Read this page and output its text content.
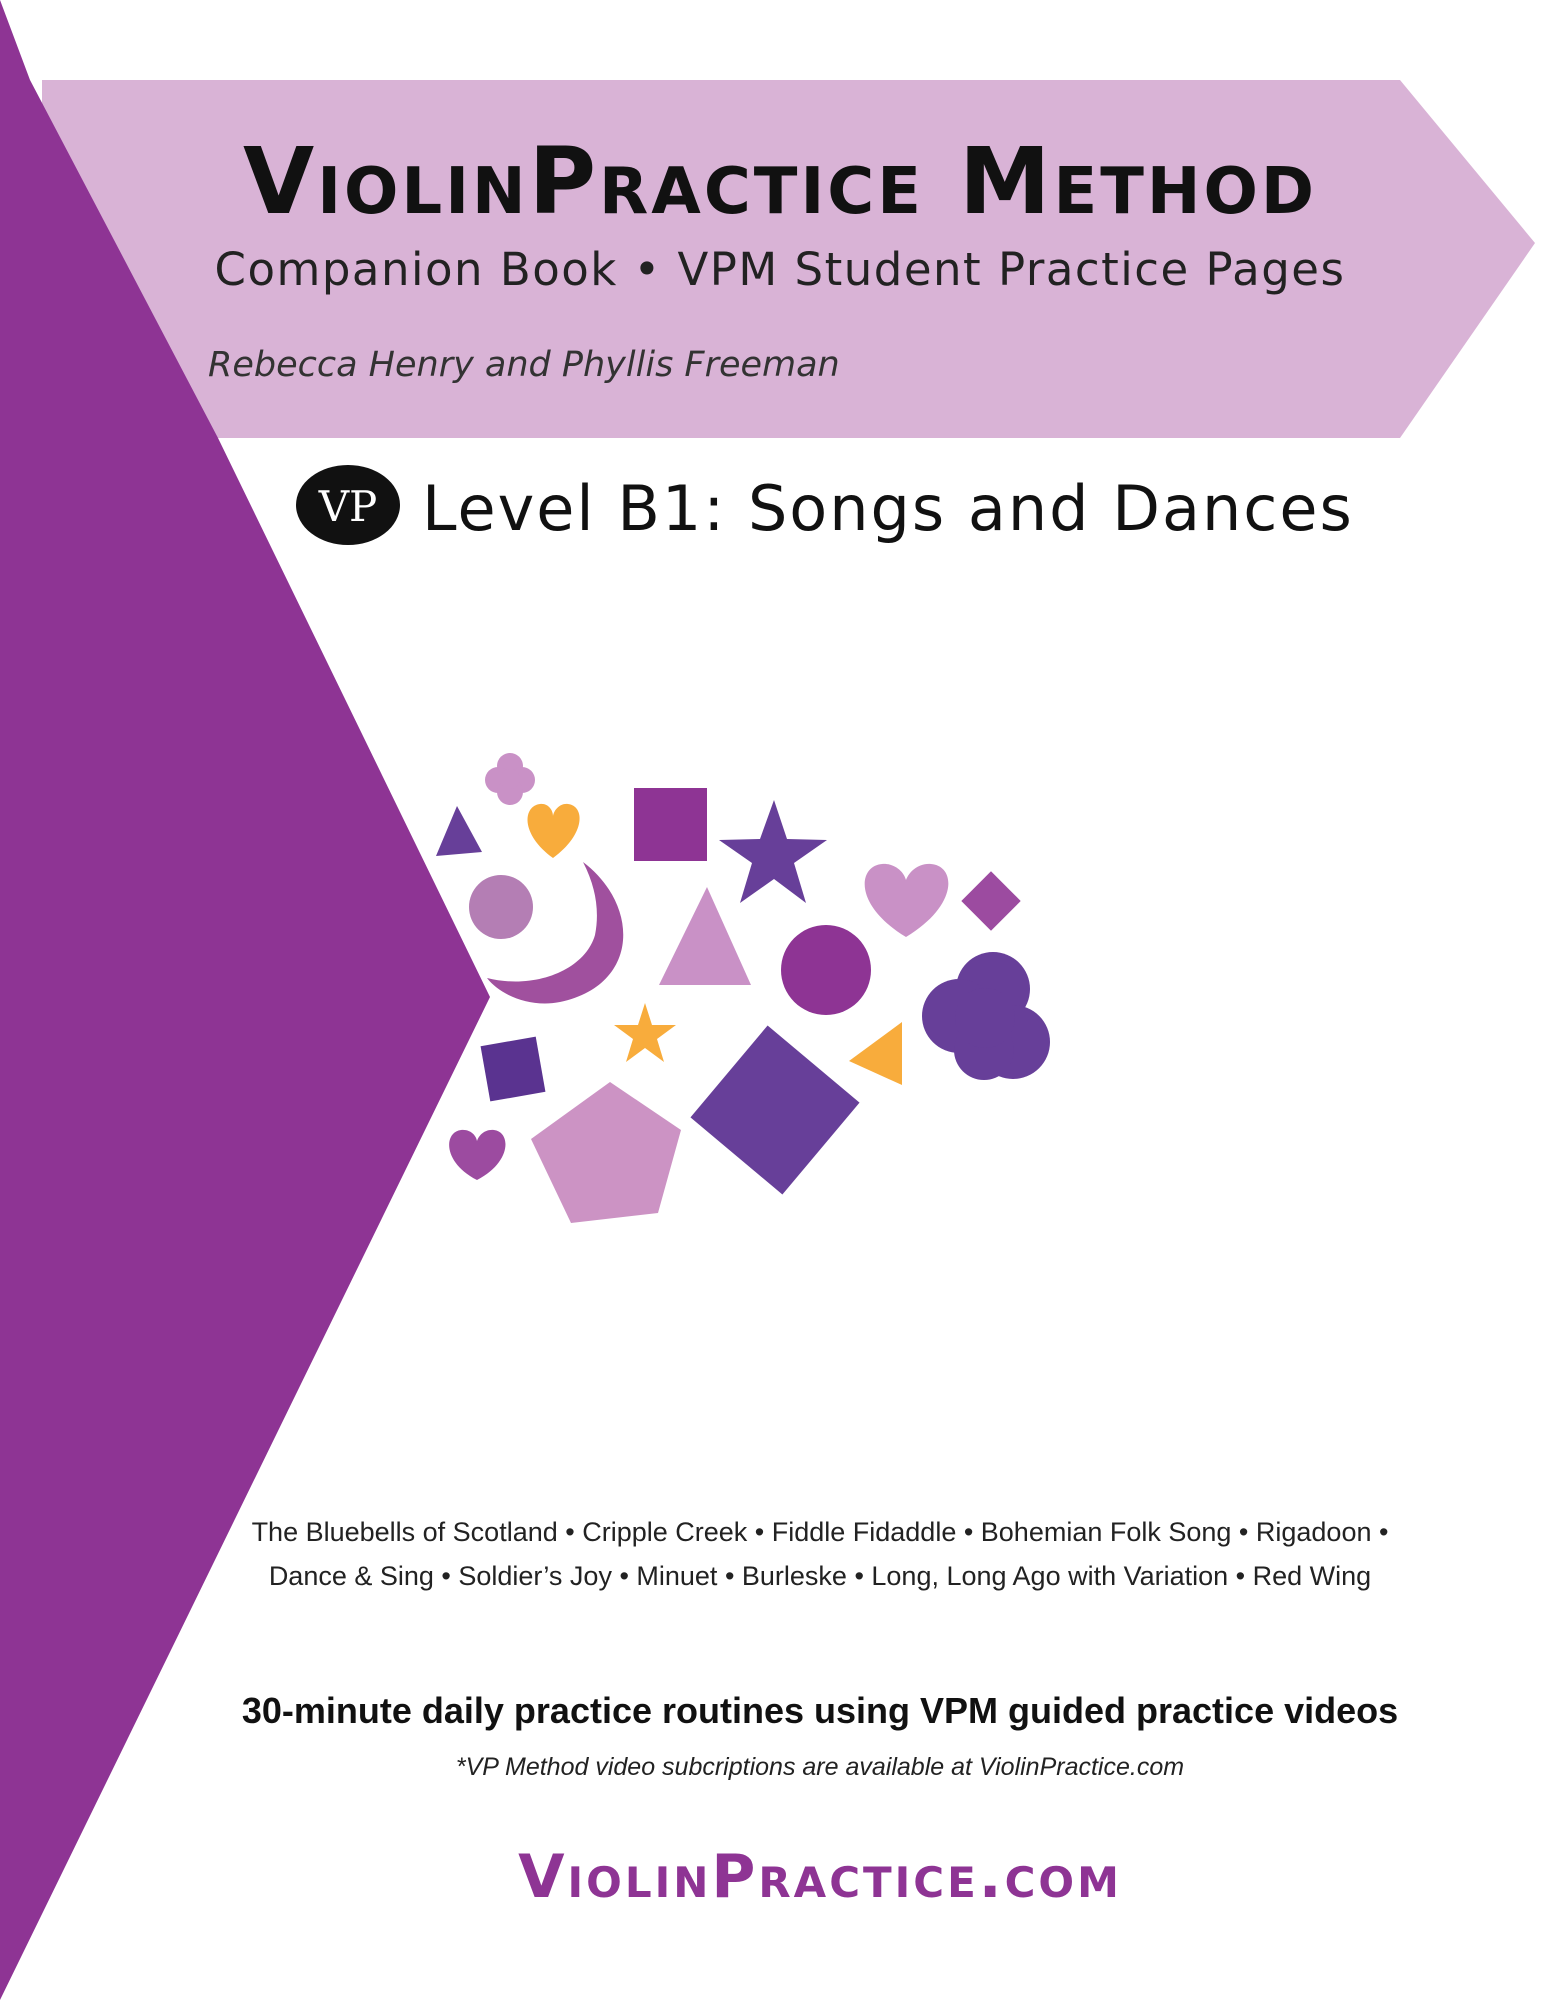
ViolinPractice Method
Companion Book • VPM Student Practice Pages
Rebecca Henry and Phyllis Freeman
VP Level B1: Songs and Dances
The Bluebells of Scotland • Cripple Creek • Fiddle Fidaddle • Bohemian Folk Song • Rigadoon •
Dance & Sing • Soldier’s Joy • Minuet • Burleske • Long, Long Ago with Variation • Red Wing
30-minute daily practice routines using VPM guided practice videos
*VP Method video subcriptions are available at ViolinPractice.com
ViolinPractice.com
